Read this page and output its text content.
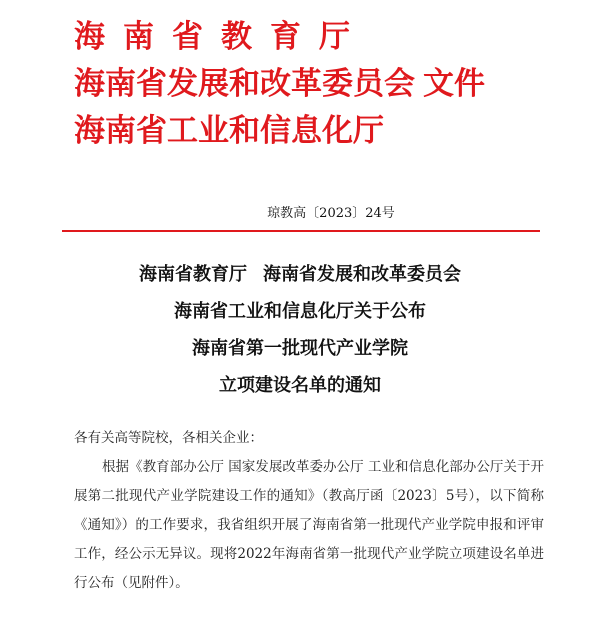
海南省教育厅
海南省发展和改革委员会 文件
海南省工业和信息化厅
琼教高〔2023〕24号
海南省教育厅 海南省发展和改革委员会
海南省工业和信息化厅关于公布
海南省第一批现代产业学院
立项建设名单的通知

各有关高等院校，各相关企业：

根据《教育部办公厅 国家发展改革委办公厅 工业和信息化部办公厅关于开展第二批现代产业学院建设工作的通知》（教高厅函〔2023〕5号），以下简称《通知》）的工作要求，我省组织开展了海南省第一批现代产业学院申报和评审工作，经公示无异议。现将2022年海南省第一批现代产业学院立项建设名单进行公布（见附件）。
